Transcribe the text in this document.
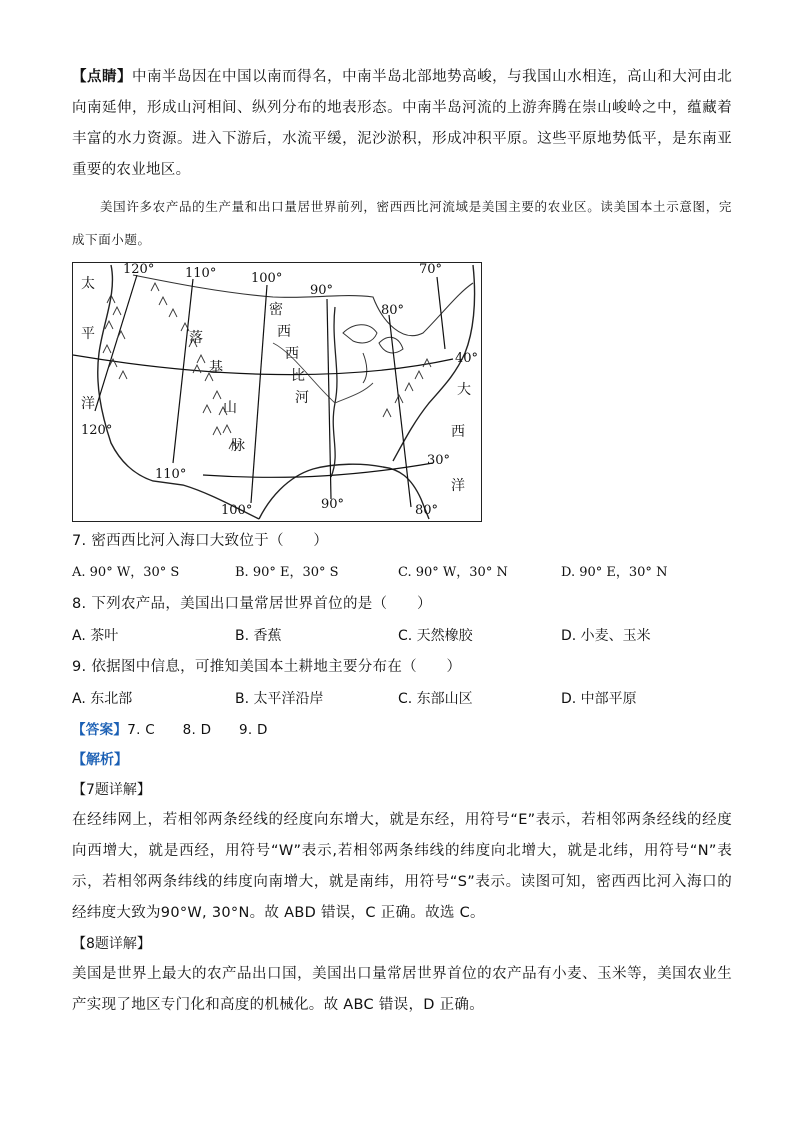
【点睛】中南半岛因在中国以南而得名，中南半岛北部地势高峻，与我国山水相连，高山和大河由北向南延伸，形成山河相间、纵列分布的地表形态。中南半岛河流的上游奔腾在崇山峻岭之中，蕴藏着丰富的水力资源。进入下游后，水流平缓，泥沙淤积，形成冲积平原。这些平原地势低平，是东南亚重要的农业地区。

美国许多农产品的生产量和出口量居世界前列，密西西比河流域是美国主要的农业区。读美国本土示意图，完成下面小题。

120° 110°	100°
90°
80°
70°
120°
110°
100°	90°	80°
40°
30°
太
平
洋
大
西
洋
落
基
山
脉
密
西
西
比
河

7. 密西西比河入海口大致位于（　　）

A. 90° W，30° S	B. 90° E，30° S	C. 90° W，30° N	D. 90° E，30° N

8. 下列农产品，美国出口量常居世界首位的是（　　）

A. 茶叶	B. 香蕉	C. 天然橡胶	D. 小麦、玉米

9. 依据图中信息，可推知美国本土耕地主要分布在（　　）

A. 东北部	B. 太平洋沿岸	C. 东部山区	D. 中部平原

【答案】7. C　　8. D　　9. D

【解析】
【7题详解】

在经纬网上，若相邻两条经线的经度向东增大，就是东经，用符号“E”表示，若相邻两条经线的经度向西增大，就是西经，用符号“W”表示,若相邻两条纬线的纬度向北增大，就是北纬，用符号“N”表示，若相邻两条纬线的纬度向南增大，就是南纬，用符号“S”表示。读图可知，密西西比河入海口的经纬度大致为90°W, 30°N。故 ABD 错误，C 正确。故选 C。

【8题详解】

美国是世界上最大的农产品出口国，美国出口量常居世界首位的农产品有小麦、玉米等，美国农业生产实现了地区专门化和高度的机械化。故 ABC 错误，D 正确。
